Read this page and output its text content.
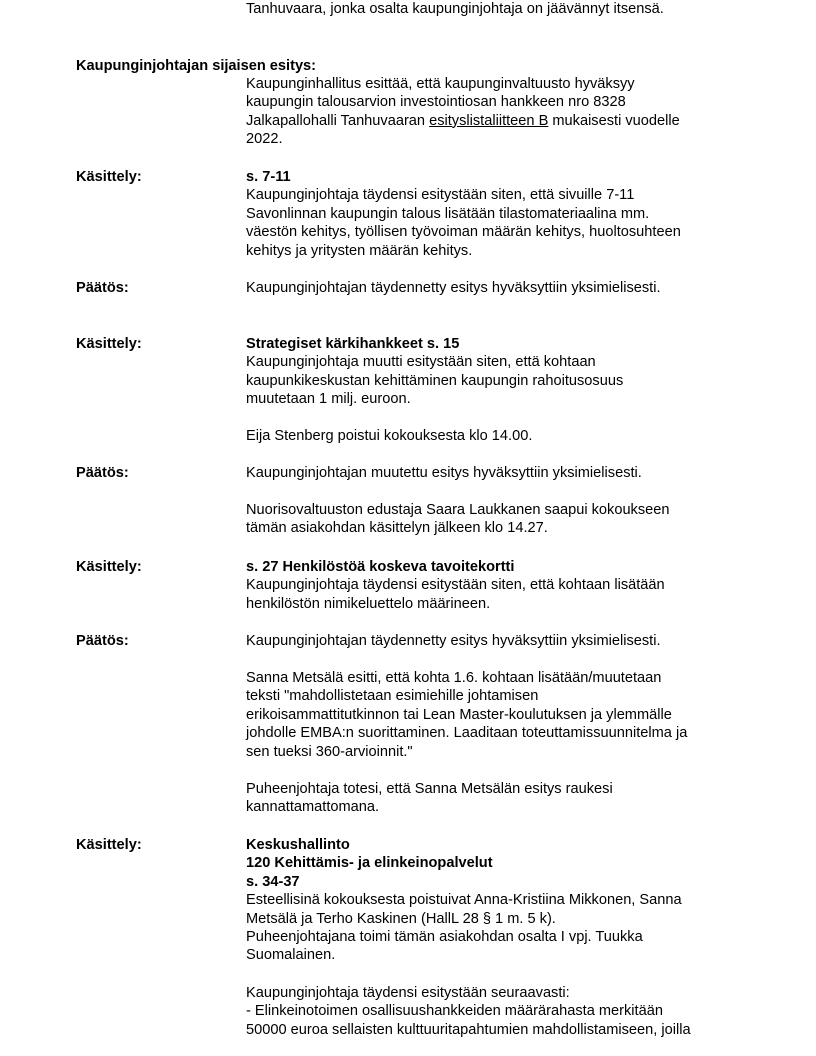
Tanhuvaara, jonka osalta kaupunginjohtaja on jäävännyt itsensä.
Kaupunginjohtajan sijaisen esitys:
Kaupunginhallitus esittää, että kaupunginvaltuusto hyväksyy
kaupungin talousarvion investointiosan hankkeen nro 8328
Jalkapallohalli Tanhuvaaran esityslistaliitteen B mukaisesti vuodelle
2022.
Käsittely:	s. 7-11
Kaupunginjohtaja täydensi esitystään siten, että sivuille 7-11
Savonlinnan kaupungin talous lisätään tilastomateriaalina mm.
väestön kehitys, työllisen työvoiman määrän kehitys, huoltosuhteen
kehitys ja yritysten määrän kehitys.
Päätös:	Kaupunginjohtajan täydennetty esitys hyväksyttiin yksimielisesti.
Käsittely:	Strategiset kärkihankkeet s. 15
Kaupunginjohtaja muutti esitystään siten, että kohtaan
kaupunkikeskustan kehittäminen kaupungin rahoitusosuus
muutetaan 1 milj. euroon.
Eija Stenberg poistui kokouksesta klo 14.00.
Päätös:	Kaupunginjohtajan muutettu esitys hyväksyttiin yksimielisesti.
Nuorisovaltuuston edustaja Saara Laukkanen saapui kokoukseen
tämän asiakohdan käsittelyn jälkeen klo 14.27.
Käsittely:	s. 27 Henkilöstöä koskeva tavoitekortti
Kaupunginjohtaja täydensi esitystään siten, että kohtaan lisätään
henkilöstön nimikeluettelo määrineen.
Päätös:	Kaupunginjohtajan täydennetty esitys hyväksyttiin yksimielisesti.
Sanna Metsälä esitti, että kohta 1.6. kohtaan lisätään/muutetaan
teksti "mahdollistetaan esimiehille johtamisen
erikoisammattitutkinnon tai Lean Master-koulutuksen ja ylemmälle
johdolle EMBA:n suorittaminen. Laaditaan toteuttamissuunnitelma ja
sen tueksi 360-arvioinnit."
Puheenjohtaja totesi, että Sanna Metsälän esitys raukesi
kannattamattomana.
Käsittely:	Keskushallinto
120 Kehittämis- ja elinkeinopalvelut
s. 34-37
Esteellisinä kokouksesta poistuivat Anna-Kristiina Mikkonen, Sanna
Metsälä ja Terho Kaskinen (HallL 28 § 1 m. 5 k).
Puheenjohtajana toimi tämän asiakohdan osalta I vpj. Tuukka
Suomalainen.
Kaupunginjohtaja täydensi esitystään seuraavasti:
- Elinkeinotoimen osallisuushankkeiden määrärahasta merkitään
50000 euroa sellaisten kulttuuritapahtumien mahdollistamiseen, joilla
